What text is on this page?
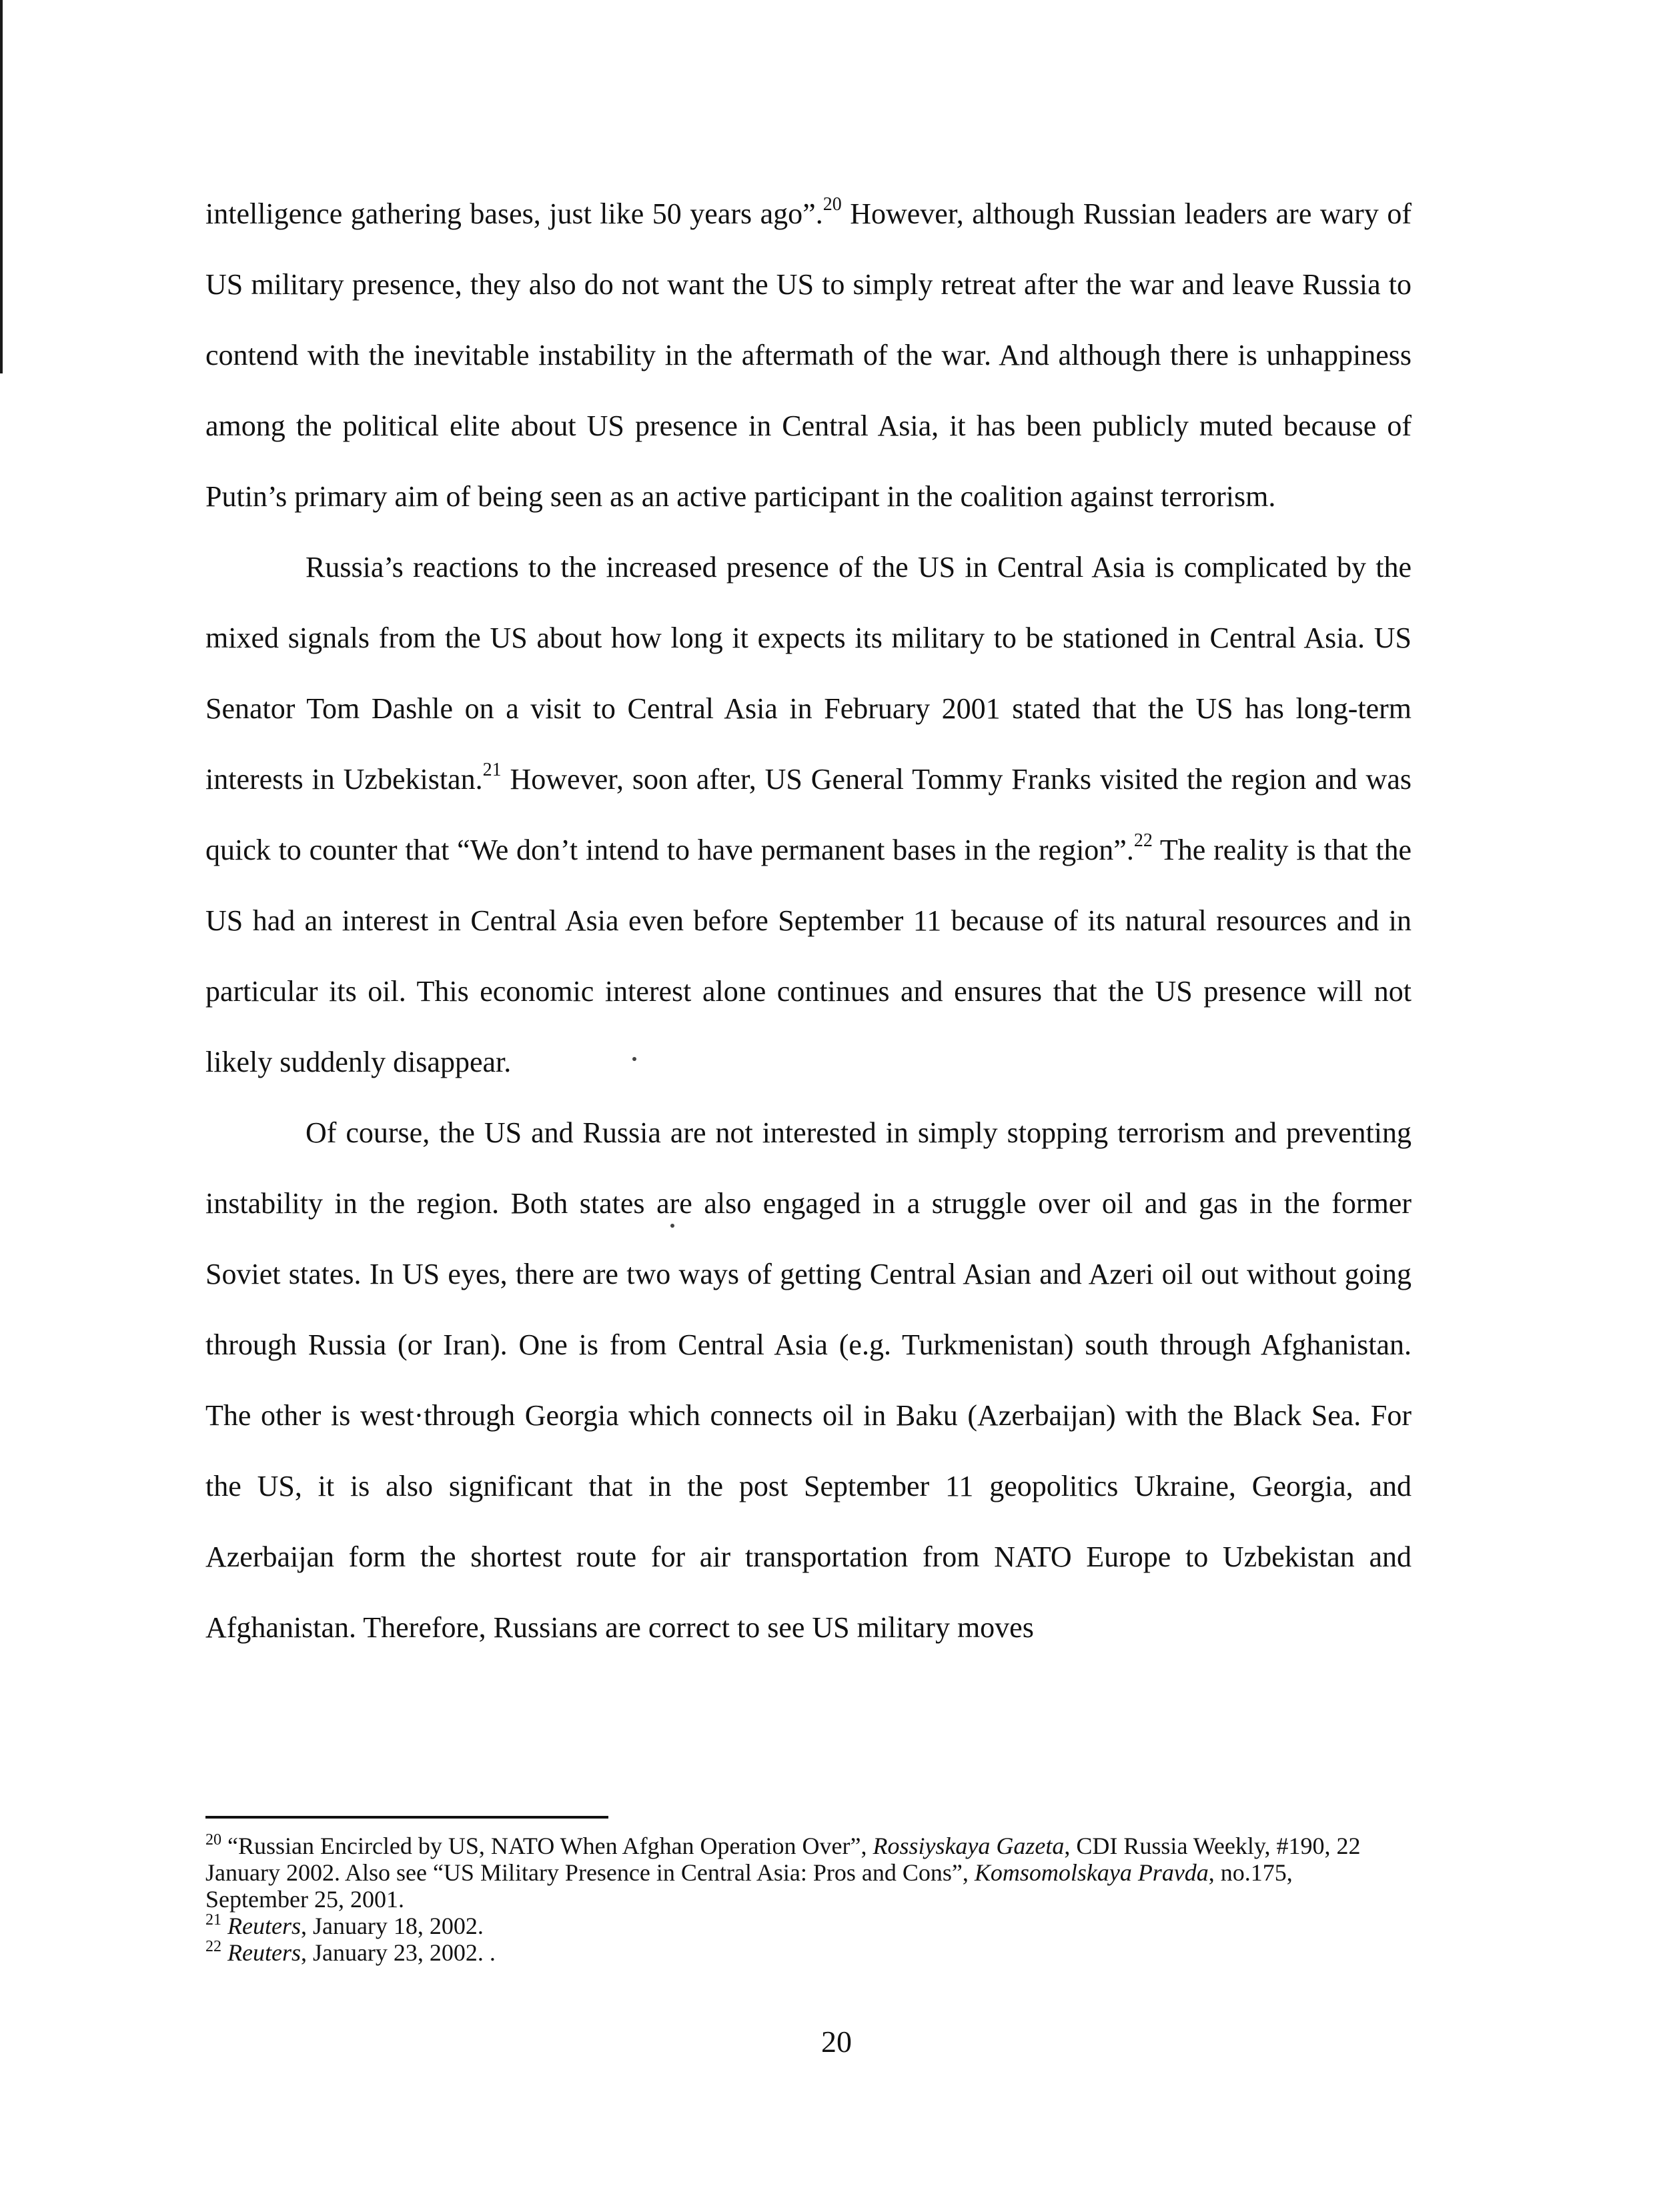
intelligence gathering bases, just like 50 years ago”.$^{20}$ However, although Russian leaders are wary of US military presence, they also do not want the US to simply retreat after the war and leave Russia to contend with the inevitable instability in the aftermath of the war. And although there is unhappiness among the political elite about US presence in Central Asia, it has been publicly muted because of Putin’s primary aim of being seen as an active participant in the coalition against terrorism.

Russia’s reactions to the increased presence of the US in Central Asia is complicated by the mixed signals from the US about how long it expects its military to be stationed in Central Asia. US Senator Tom Dashle on a visit to Central Asia in February 2001 stated that the US has long-term interests in Uzbekistan.$^{21}$ However, soon after, US General Tommy Franks visited the region and was quick to counter that “We don’t intend to have permanent bases in the region”.$^{22}$ The reality is that the US had an interest in Central Asia even before September 11 because of its natural resources and in particular its oil. This economic interest alone continues and ensures that the US presence will not likely suddenly disappear.

Of course, the US and Russia are not interested in simply stopping terrorism and preventing instability in the region. Both states are also engaged in a struggle over oil and gas in the former Soviet states. In US eyes, there are two ways of getting Central Asian and Azeri oil out without going through Russia (or Iran). One is from Central Asia (e.g. Turkmenistan) south through Afghanistan. The other is west·through Georgia which connects oil in Baku (Azerbaijan) with the Black Sea. For the US, it is also significant that in the post September 11 geopolitics Ukraine, Georgia, and Azerbaijan form the shortest route for air transportation from NATO Europe to Uzbekistan and Afghanistan. Therefore, Russians are correct to see US military moves

$^{20}$ “Russian Encircled by US, NATO When Afghan Operation Over”, Rossiyskaya Gazeta, CDI Russia Weekly, #190, 22 January 2002. Also see “US Military Presence in Central Asia: Pros and Cons”, Komsomolskaya Pravda, no.175, September 25, 2001.

$^{21}$ Reuters, January 18, 2002.

$^{22}$ Reuters, January 23, 2002. .

20
